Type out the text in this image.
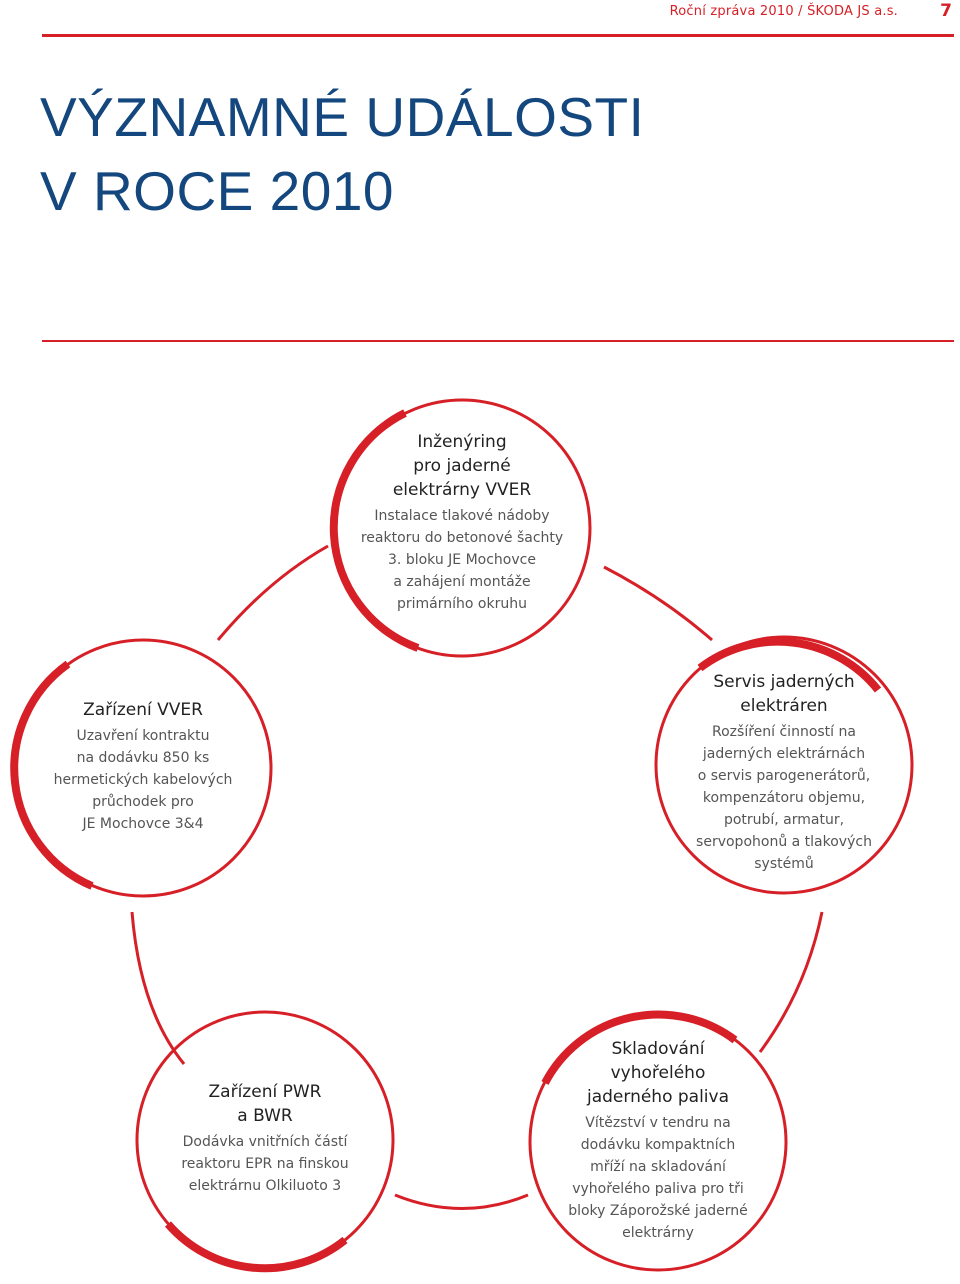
Roční zpráva 2010 / ŠKODA JS a.s. 7
VÝZNAMNÉ UDÁLOSTI
V ROCE 2010
Inženýring
pro jaderné
elektrárny VVER
Instalace tlakové nádoby
reaktoru do betonové šachty
3. bloku JE Mochovce
a zahájení montáže
primárního okruhu
Zařízení VVER
Uzavření kontraktu
na dodávku 850 ks
hermetických kabelových
průchodek pro
JE Mochovce 3&4
Servis jaderných
elektráren
Rozšíření činností na
jaderných elektrárnách
o servis parogenerátorů,
kompenzátoru objemu,
potrubí, armatur,
servopohonů a tlakových
systémů
Zařízení PWR
a BWR
Dodávka vnitřních částí
reaktoru EPR na finskou
elektrárnu Olkiluoto 3
Skladování
vyhořelého
jaderného paliva
Vítězství v tendru na
dodávku kompaktních
mříží na skladování
vyhořelého paliva pro tři
bloky Záporožské jaderné
elektrárny
